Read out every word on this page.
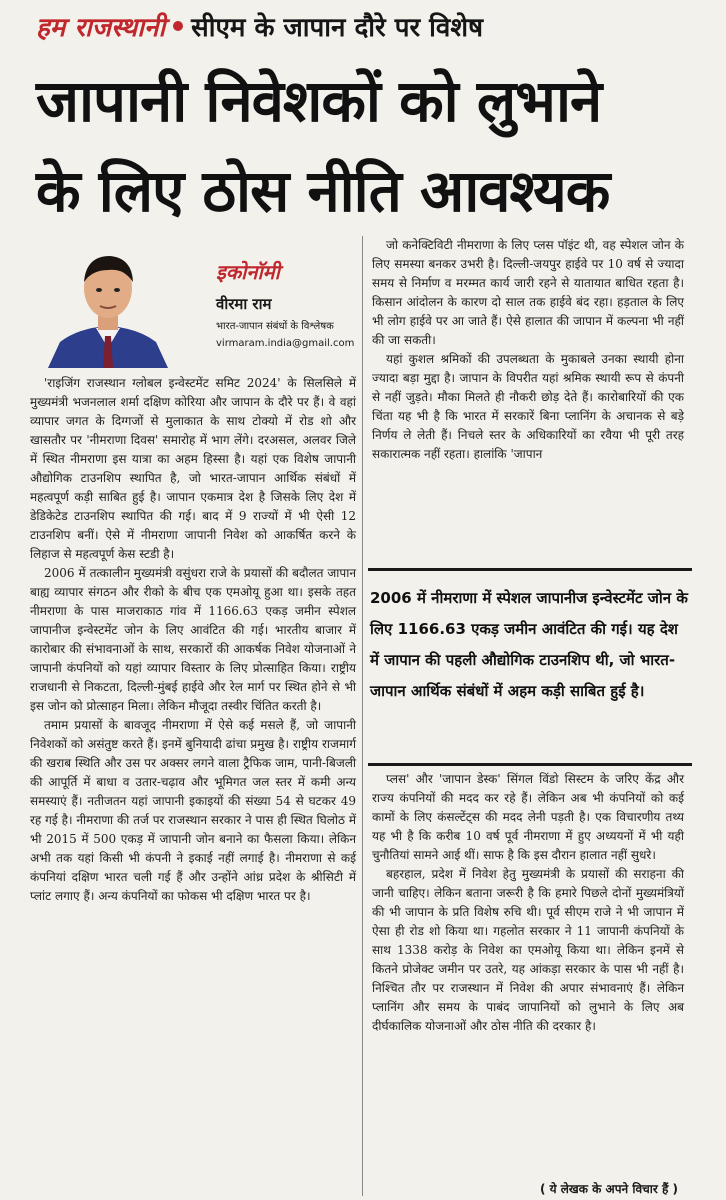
हम राजस्थानी सीएम के जापान दौरे पर विशेष
जापानी निवेशकों को लुभाने
के लिए ठोस नीति आवश्यक
इकोनॉमी
वीरमा राम
भारत-जापान संबंधों के विश्लेषक
virmaram.india@gmail.com

'राइजिंग राजस्थान ग्लोबल इन्वेस्टमेंट समिट 2024' के सिलसिले में मुख्यमंत्री भजनलाल शर्मा दक्षिण कोरिया और जापान के दौरे पर हैं। वे वहां व्यापार जगत के दिग्गजों से मुलाकात के साथ टोक्यो में रोड शो और खासतौर पर 'नीमराणा दिवस' समारोह में भाग लेंगे। दरअसल, अलवर जिले में स्थित नीमराणा इस यात्रा का अहम हिस्सा है। यहां एक विशेष जापानी औद्योगिक टाउनशिप स्थापित है, जो भारत-जापान आर्थिक संबंधों में महत्वपूर्ण कड़ी साबित हुई है। जापान एकमात्र देश है जिसके लिए देश में डेडिकेटेड टाउनशिप स्थापित की गई। बाद में 9 राज्यों में भी ऐसी 12 टाउनशिप बनीं। ऐसे में नीमराणा जापानी निवेश को आकर्षित करने के लिहाज से महत्वपूर्ण केस स्टडी है।

2006 में तत्कालीन मुख्यमंत्री वसुंधरा राजे के प्रयासों की बदौलत जापान बाह्य व्यापार संगठन और रीको के बीच एक एमओयू हुआ था। इसके तहत नीमराणा के पास माजराकाठ गांव में 1166.63 एकड़ जमीन स्पेशल जापानीज इन्वेस्टमेंट जोन के लिए आवंटित की गई। भारतीय बाजार में कारोबार की संभावनाओं के साथ, सरकारों की आकर्षक निवेश योजनाओं ने जापानी कंपनियों को यहां व्यापार विस्तार के लिए प्रोत्साहित किया। राष्ट्रीय राजधानी से निकटता, दिल्ली-मुंबई हाईवे और रेल मार्ग पर स्थित होने से भी इस जोन को प्रोत्साहन मिला। लेकिन मौजूदा तस्वीर चिंतित करती है।

तमाम प्रयासों के बावजूद नीमराणा में ऐसे कई मसले हैं, जो जापानी निवेशकों को असंतुष्ट करते हैं। इनमें बुनियादी ढांचा प्रमुख है। राष्ट्रीय राजमार्ग की खराब स्थिति और उस पर अक्सर लगने वाला ट्रैफिक जाम, पानी-बिजली की आपूर्ति में बाधा व उतार-चढ़ाव और भूमिगत जल स्तर में कमी अन्य समस्याएं हैं। नतीजतन यहां जापानी इकाइयों की संख्या 54 से घटकर 49 रह गई है। नीमराणा की तर्ज पर राजस्थान सरकार ने पास ही स्थित घिलोठ में भी 2015 में 500 एकड़ में जापानी जोन बनाने का फैसला किया। लेकिन अभी तक यहां किसी भी कंपनी ने इकाई नहीं लगाई है। नीमराणा से कई कंपनियां दक्षिण भारत चली गई हैं और उन्होंने आंध्र प्रदेश के श्रीसिटी में प्लांट लगाए हैं। अन्य कंपनियों का फोकस भी दक्षिण भारत पर है।

जो कनेक्टिविटी नीमराणा के लिए प्लस पॉइंट थी, वह स्पेशल जोन के लिए समस्या बनकर उभरी है। दिल्ली-जयपुर हाईवे पर 10 वर्ष से ज्यादा समय से निर्माण व मरम्मत कार्य जारी रहने से यातायात बाधित रहता है। किसान आंदोलन के कारण दो साल तक हाईवे बंद रहा। हड़ताल के लिए भी लोग हाईवे पर आ जाते हैं। ऐसे हालात की जापान में कल्पना भी नहीं की जा सकती।

यहां कुशल श्रमिकों की उपलब्धता के मुकाबले उनका स्थायी होना ज्यादा बड़ा मुद्दा है। जापान के विपरीत यहां श्रमिक स्थायी रूप से कंपनी से नहीं जुड़ते। मौका मिलते ही नौकरी छोड़ देते हैं। कारोबारियों की एक चिंता यह भी है कि भारत में सरकारें बिना प्लानिंग के अचानक से बड़े निर्णय ले लेती हैं। निचले स्तर के अधिकारियों का रवैया भी पूरी तरह सकारात्मक नहीं रहता। हालांकि 'जापान

2006 में नीमराणा में स्पेशल जापानीज इन्वेस्टमेंट जोन के लिए 1166.63 एकड़ जमीन आवंटित की गई। यह देश में जापान की पहली औद्योगिक टाउनशिप थी, जो भारत-जापान आर्थिक संबंधों में अहम कड़ी साबित हुई है।

प्लस' और 'जापान डेस्क' सिंगल विंडो सिस्टम के जरिए केंद्र और राज्य कंपनियों की मदद कर रहे हैं। लेकिन अब भी कंपनियों को कई कामों के लिए कंसल्टेंट्स की मदद लेनी पड़ती है। एक विचारणीय तथ्य यह भी है कि करीब 10 वर्ष पूर्व नीमराणा में हुए अध्ययनों में भी यही चुनौतियां सामने आई थीं। साफ है कि इस दौरान हालात नहीं सुधरे।

बहरहाल, प्रदेश में निवेश हेतु मुख्यमंत्री के प्रयासों की सराहना की जानी चाहिए। लेकिन बताना जरूरी है कि हमारे पिछले दोनों मुख्यमंत्रियों की भी जापान के प्रति विशेष रुचि थी। पूर्व सीएम राजे ने भी जापान में ऐसा ही रोड शो किया था। गहलोत सरकार ने 11 जापानी कंपनियों के साथ 1338 करोड़ के निवेश का एमओयू किया था। लेकिन इनमें से कितने प्रोजेक्ट जमीन पर उतरे, यह आंकड़ा सरकार के पास भी नहीं है। निश्चित तौर पर राजस्थान में निवेश की अपार संभावनाएं हैं। लेकिन प्लानिंग और समय के पाबंद जापानियों को लुभाने के लिए अब दीर्घकालिक योजनाओं और ठोस नीति की दरकार है।

( ये लेखक के अपने विचार हैं )
